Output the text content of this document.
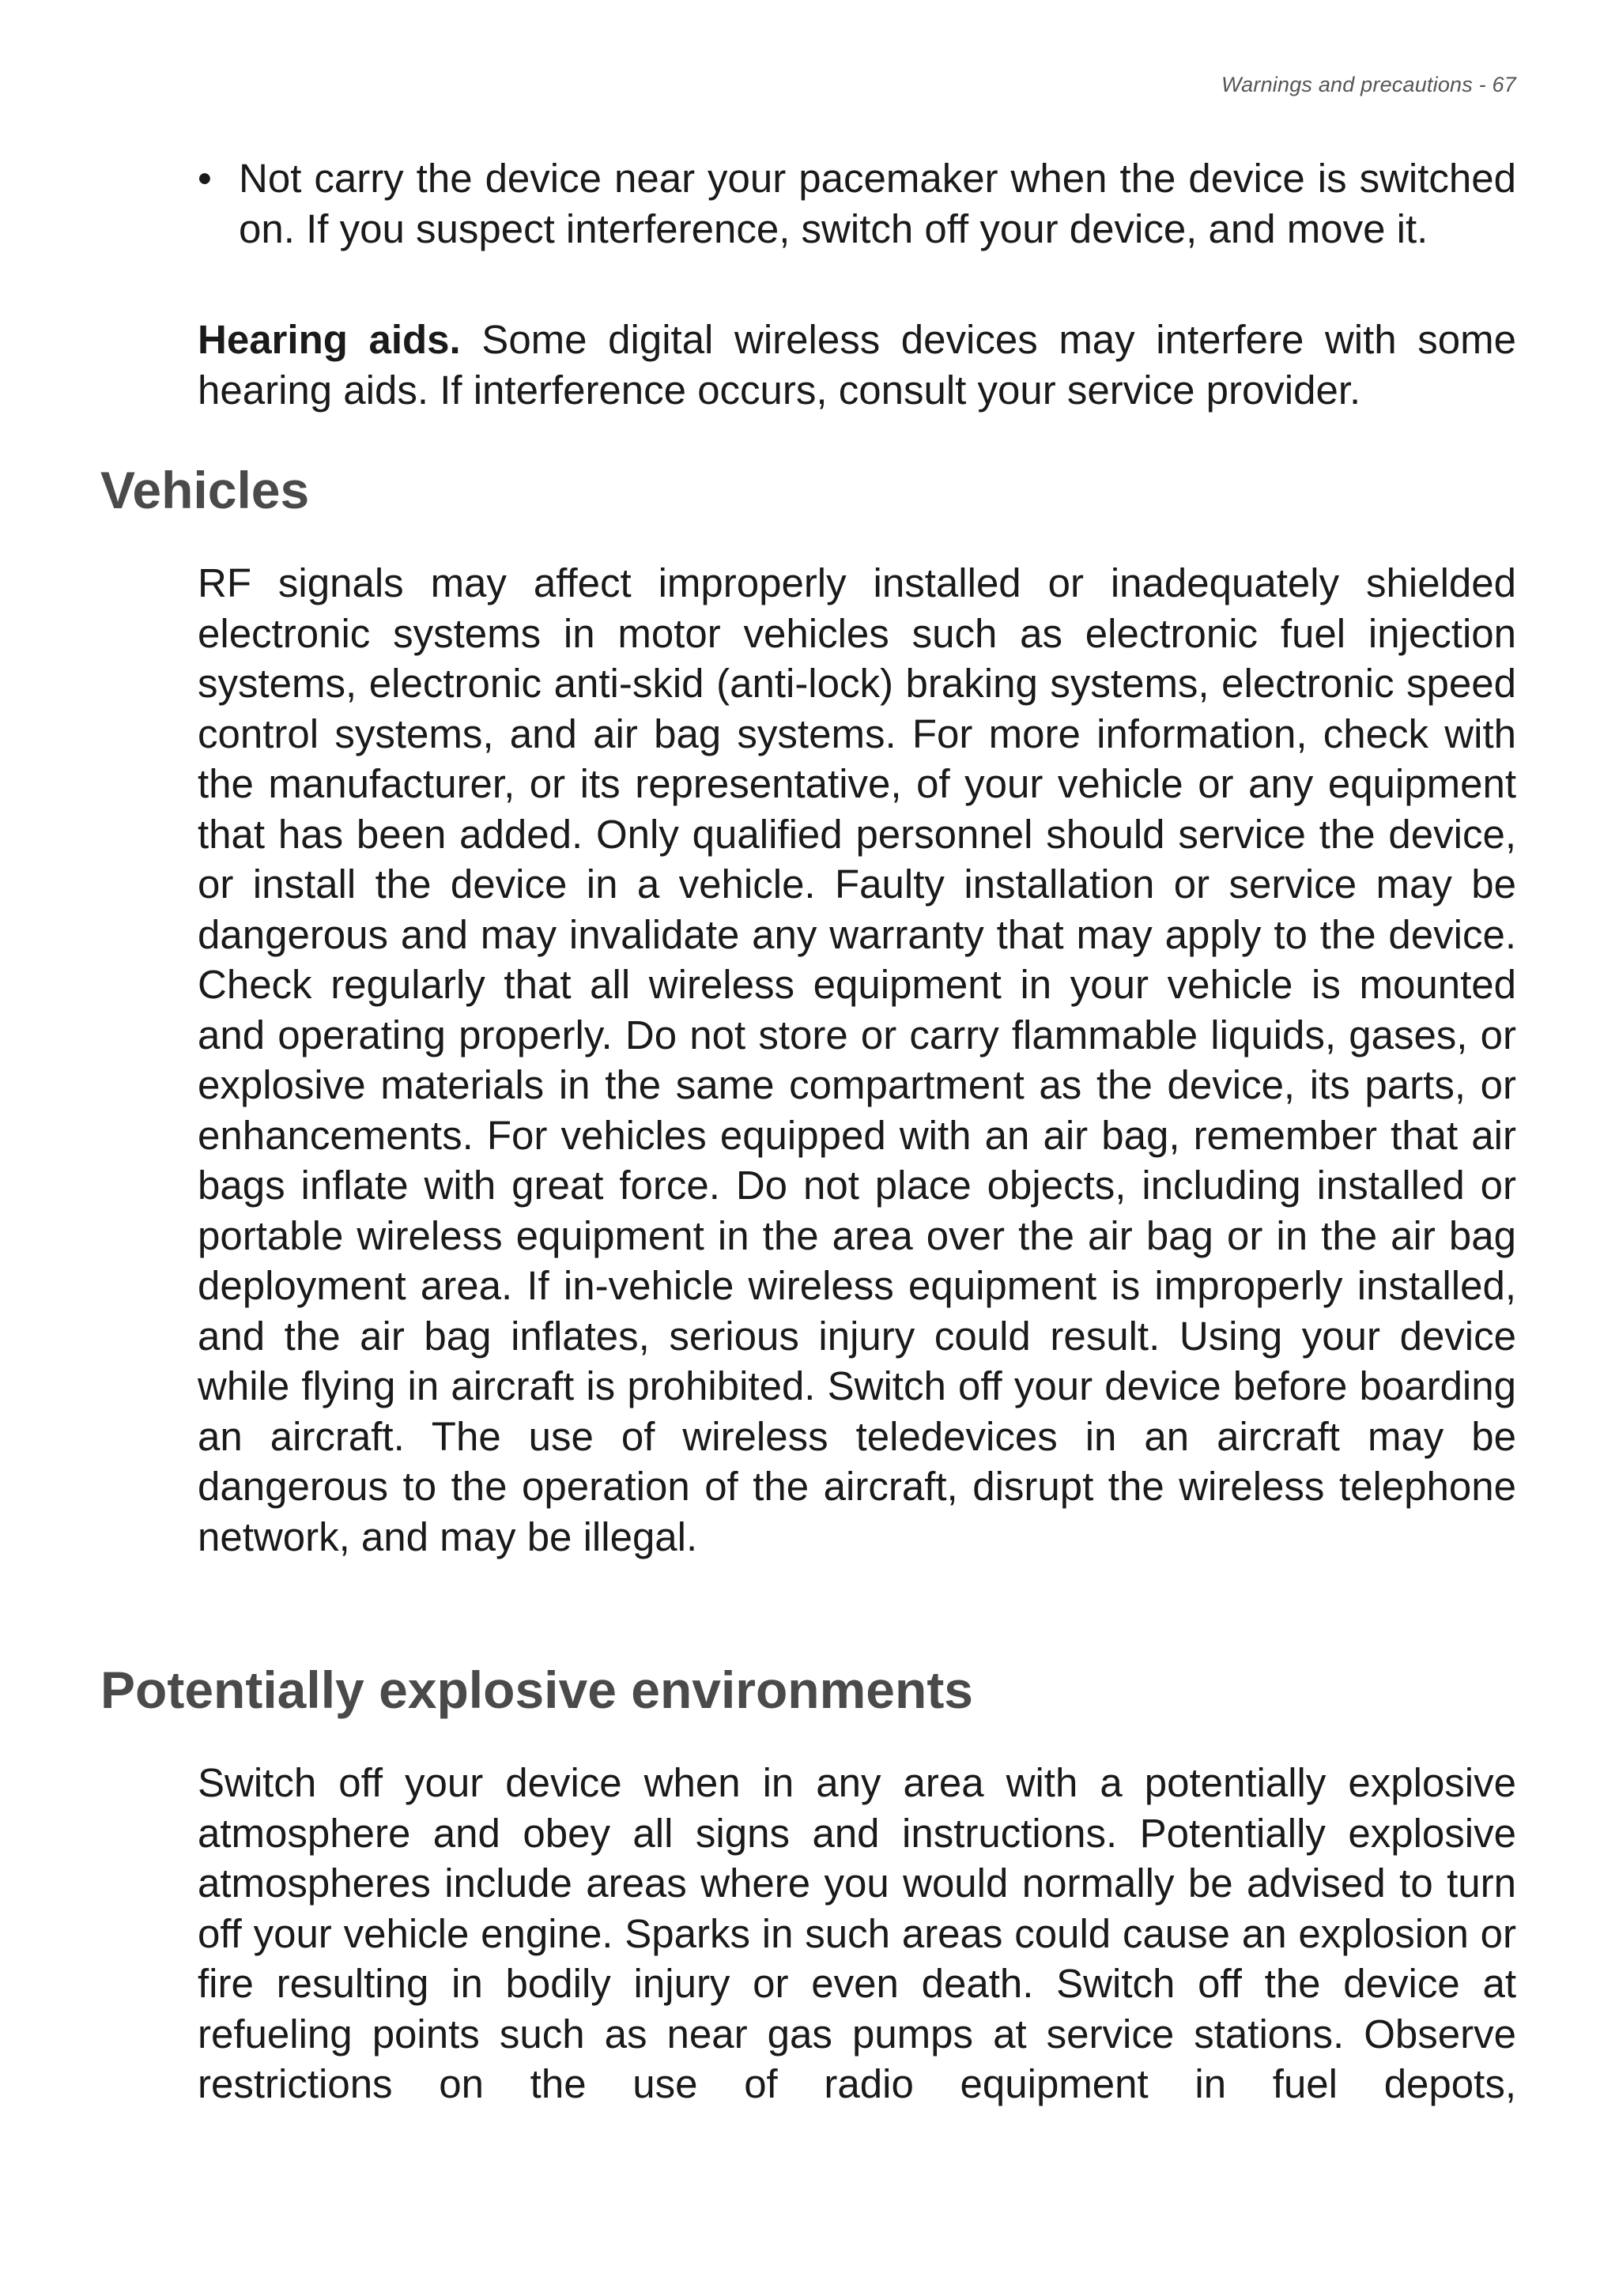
Warnings and precautions - 67
• Not carry the device near your pacemaker when the device is switched on. If you suspect interference, switch off your device, and move it.

Hearing aids. Some digital wireless devices may interfere with some hearing aids. If interference occurs, consult your service provider.

Vehicles

RF signals may affect improperly installed or inadequately shielded electronic systems in motor vehicles such as electronic fuel injection systems, electronic anti-skid (anti-lock) braking systems, electronic speed control systems, and air bag systems. For more information, check with the manufacturer, or its representative, of your vehicle or any equipment that has been added. Only qualified personnel should service the device, or install the device in a vehicle. Faulty installation or service may be dangerous and may invalidate any warranty that may apply to the device. Check regularly that all wireless equipment in your vehicle is mounted and operating properly. Do not store or carry flammable liquids, gases, or explosive materials in the same compartment as the device, its parts, or enhancements. For vehicles equipped with an air bag, remember that air bags inflate with great force. Do not place objects, including installed or portable wireless equipment in the area over the air bag or in the air bag deployment area. If in-vehicle wireless equipment is improperly installed, and the air bag inflates, serious injury could result. Using your device while flying in aircraft is prohibited. Switch off your device before boarding an aircraft. The use of wireless teledevices in an aircraft may be dangerous to the operation of the aircraft, disrupt the wireless telephone network, and may be illegal.

Potentially explosive environments

Switch off your device when in any area with a potentially explosive atmosphere and obey all signs and instructions. Potentially explosive atmospheres include areas where you would normally be advised to turn off your vehicle engine. Sparks in such areas could cause an explosion or fire resulting in bodily injury or even death. Switch off the device at refueling points such as near gas pumps at service stations. Observe restrictions on the use of radio equipment in fuel depots,
